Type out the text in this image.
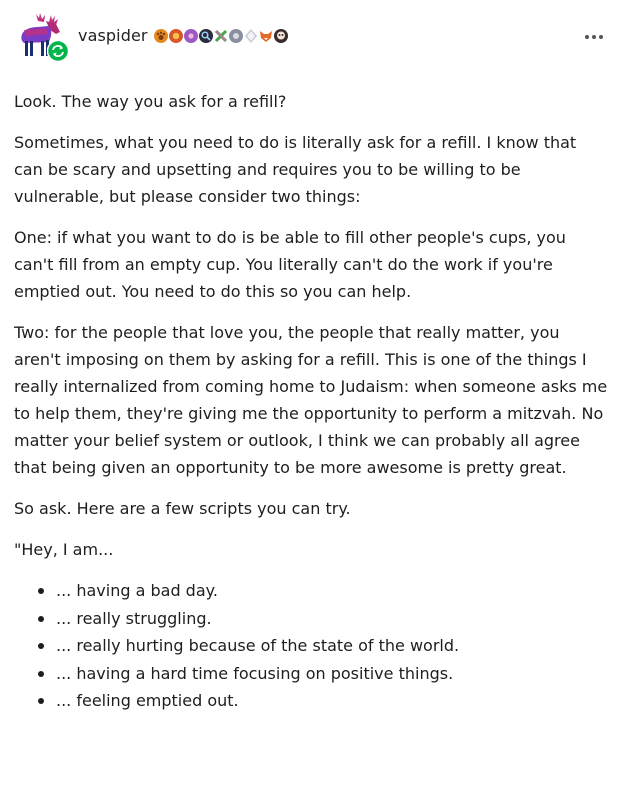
vaspider

Look. The way you ask for a refill?

Sometimes, what you need to do is literally ask for a refill. I know that can be scary and upsetting and requires you to be willing to be vulnerable, but please consider two things:

One: if what you want to do is be able to fill other people's cups, you can't fill from an empty cup. You literally can't do the work if you're emptied out. You need to do this so you can help.

Two: for the people that love you, the people that really matter, you aren't imposing on them by asking for a refill. This is one of the things I really internalized from coming home to Judaism: when someone asks me to help them, they're giving me the opportunity to perform a mitzvah. No matter your belief system or outlook, I think we can probably all agree that being given an opportunity to be more awesome is pretty great.

So ask. Here are a few scripts you can try.

"Hey, I am...

... having a bad day.
... really struggling.
... really hurting because of the state of the world.
... having a hard time focusing on positive things.
... feeling emptied out.
